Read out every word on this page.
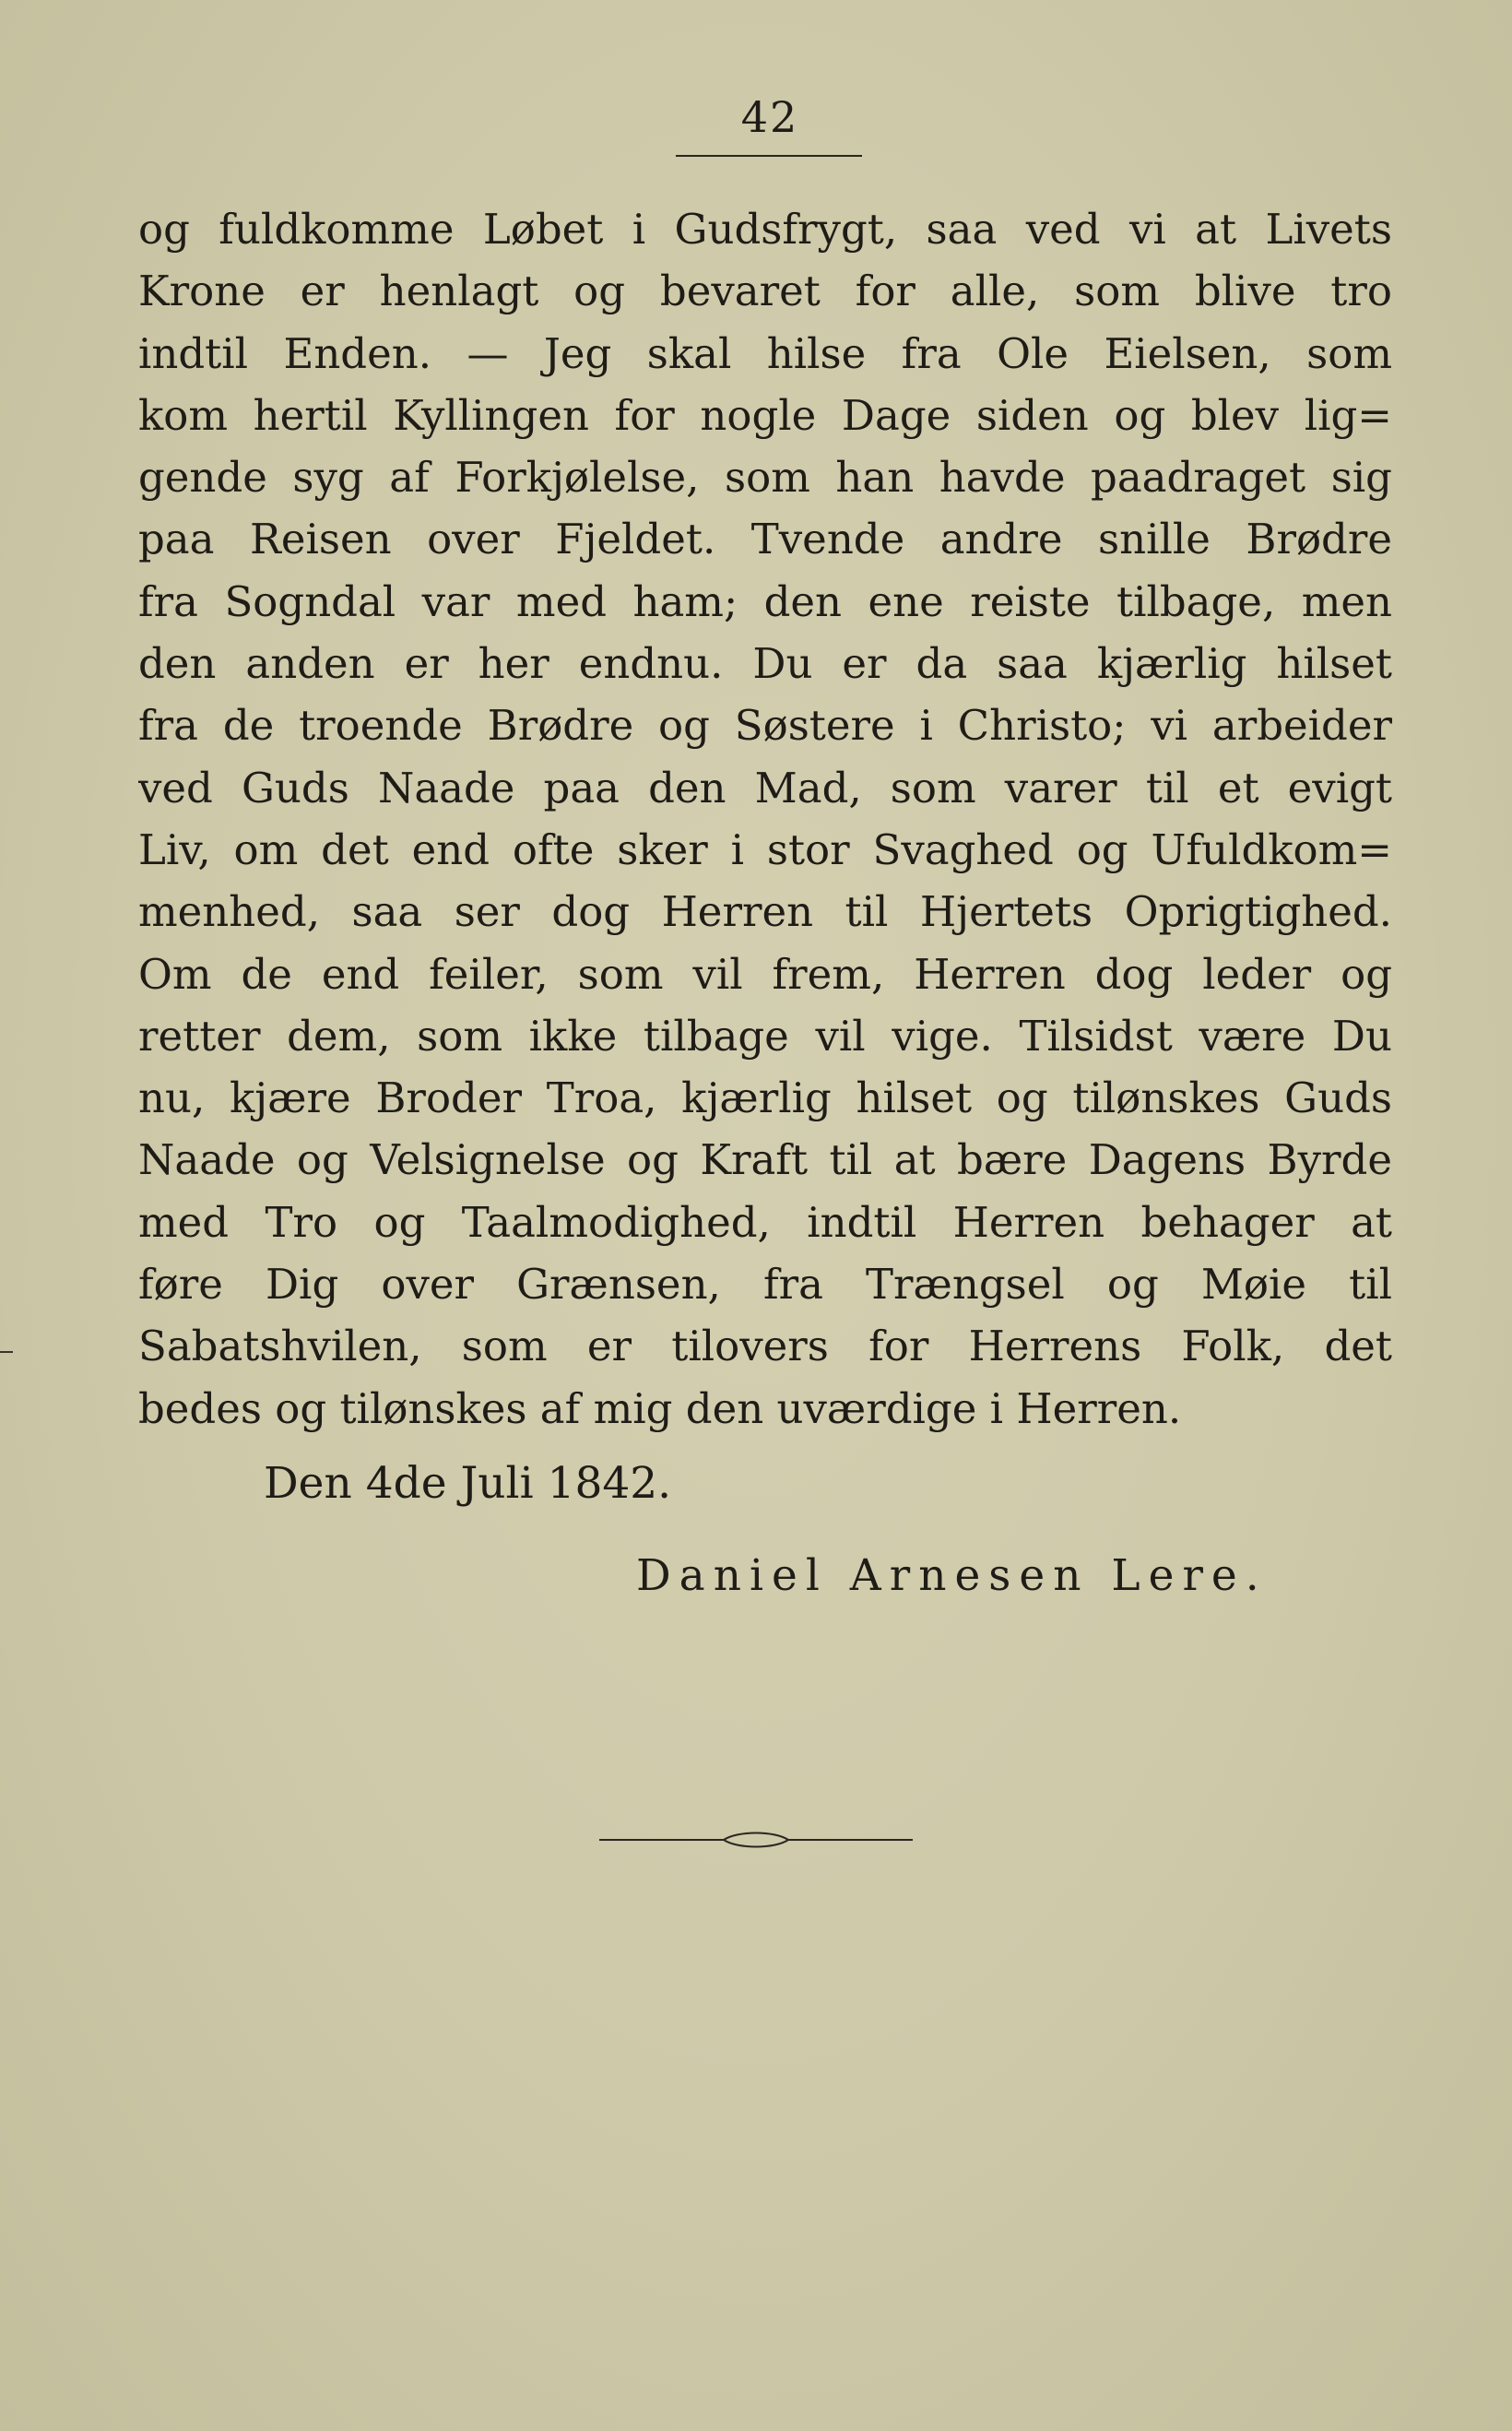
42
og fuldkomme Løbet i Gudsfrygt, saa ved vi at Livets
Krone er henlagt og bevaret for alle, som blive tro
indtil Enden. — Jeg skal hilse fra Ole Eielsen, som
kom hertil Kyllingen for nogle Dage siden og blev lig=
gende syg af Forkjølelse, som han havde paadraget sig
paa Reisen over Fjeldet. Tvende andre snille Brødre
fra Sogndal var med ham; den ene reiste tilbage, men
den anden er her endnu. Du er da saa kjærlig hilset
fra de troende Brødre og Søstere i Christo; vi arbeider
ved Guds Naade paa den Mad, som varer til et evigt
Liv, om det end ofte sker i stor Svaghed og Ufuldkom=
menhed, saa ser dog Herren til Hjertets Oprigtighed.
Om de end feiler, som vil frem, Herren dog leder og
retter dem, som ikke tilbage vil vige. Tilsidst være Du
nu, kjære Broder Troa, kjærlig hilset og tilønskes Guds
Naade og Velsignelse og Kraft til at bære Dagens Byrde
med Tro og Taalmodighed, indtil Herren behager at
føre Dig over Grænsen, fra Trængsel og Møie til
Sabatshvilen, som er tilovers for Herrens Folk, det
bedes og tilønskes af mig den uværdige i Herren.
Den 4de Juli 1842.
Daniel Arnesen Lere.
